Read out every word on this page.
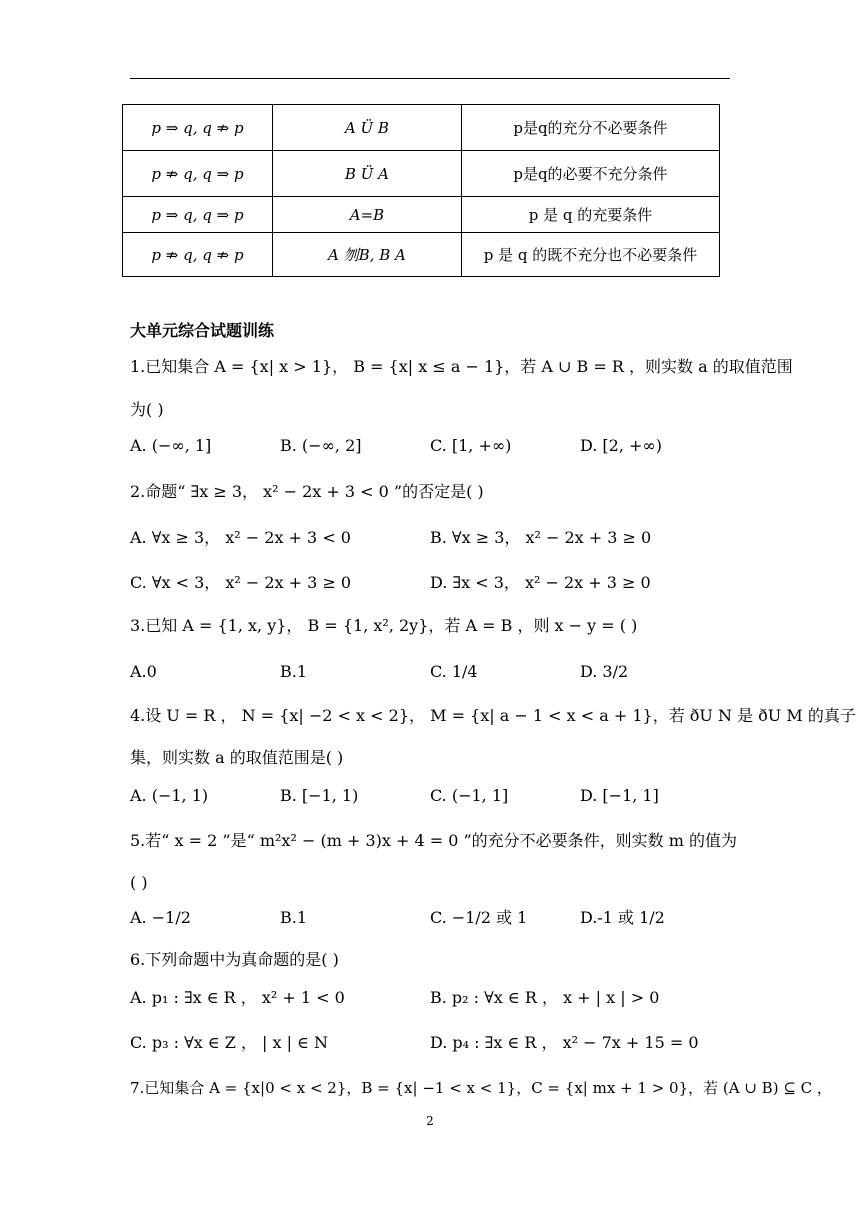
p ⇒ q, q ⇏ p	A Ü B	p是q的充分不必要条件
p ⇏ q, q ⇒ p	B Ü A	p是q的必要不充分条件
p ⇒ q, q ⇒ p	A=B	p 是 q 的充要条件
p ⇏ q, q ⇏ p	A 刎B, B A	p 是 q 的既不充分也不必要条件
大单元综合试题训练
1.已知集合 A = {x| x > 1}， B = {x| x ≤ a − 1}，若 A ∪ B = R ，则实数 a 的取值范围
为( )
A. (−∞, 1]	B. (−∞, 2]	C. [1, +∞)	D. [2, +∞)
2.命题“ ∃x ≥ 3， x² − 2x + 3 < 0 ”的否定是( )
A. ∀x ≥ 3， x² − 2x + 3 < 0	B. ∀x ≥ 3， x² − 2x + 3 ≥ 0
C. ∀x < 3， x² − 2x + 3 ≥ 0	D. ∃x < 3， x² − 2x + 3 ≥ 0
3.已知 A = {1, x, y}， B = {1, x², 2y}，若 A = B ，则 x − y = ( )
A.0	B.1	C. 1/4	D. 3/2
4.设 U = R ， N = {x| −2 < x < 2}， M = {x| a − 1 < x < a + 1}，若 ðU N 是 ðU M 的真子
集，则实数 a 的取值范围是( )
A. (−1, 1)	B. [−1, 1)	C. (−1, 1]	D. [−1, 1]
5.若“ x = 2 ”是“ m²x² − (m + 3)x + 4 = 0 ”的充分不必要条件，则实数 m 的值为
( )
A. −1/2	B.1	C. −1/2 或 1	D.-1 或 1/2
6.下列命题中为真命题的是( )
A. p₁ : ∃x ∈ R ， x² + 1 < 0	B. p₂ : ∀x ∈ R ， x + | x | > 0
C. p₃ : ∀x ∈ Z ， | x | ∈ N	D. p₄ : ∃x ∈ R ， x² − 7x + 15 = 0
7.已知集合 A = {x|0 < x < 2}，B = {x| −1 < x < 1}，C = {x| mx + 1 > 0}，若 (A ∪ B) ⊆ C ，
2
